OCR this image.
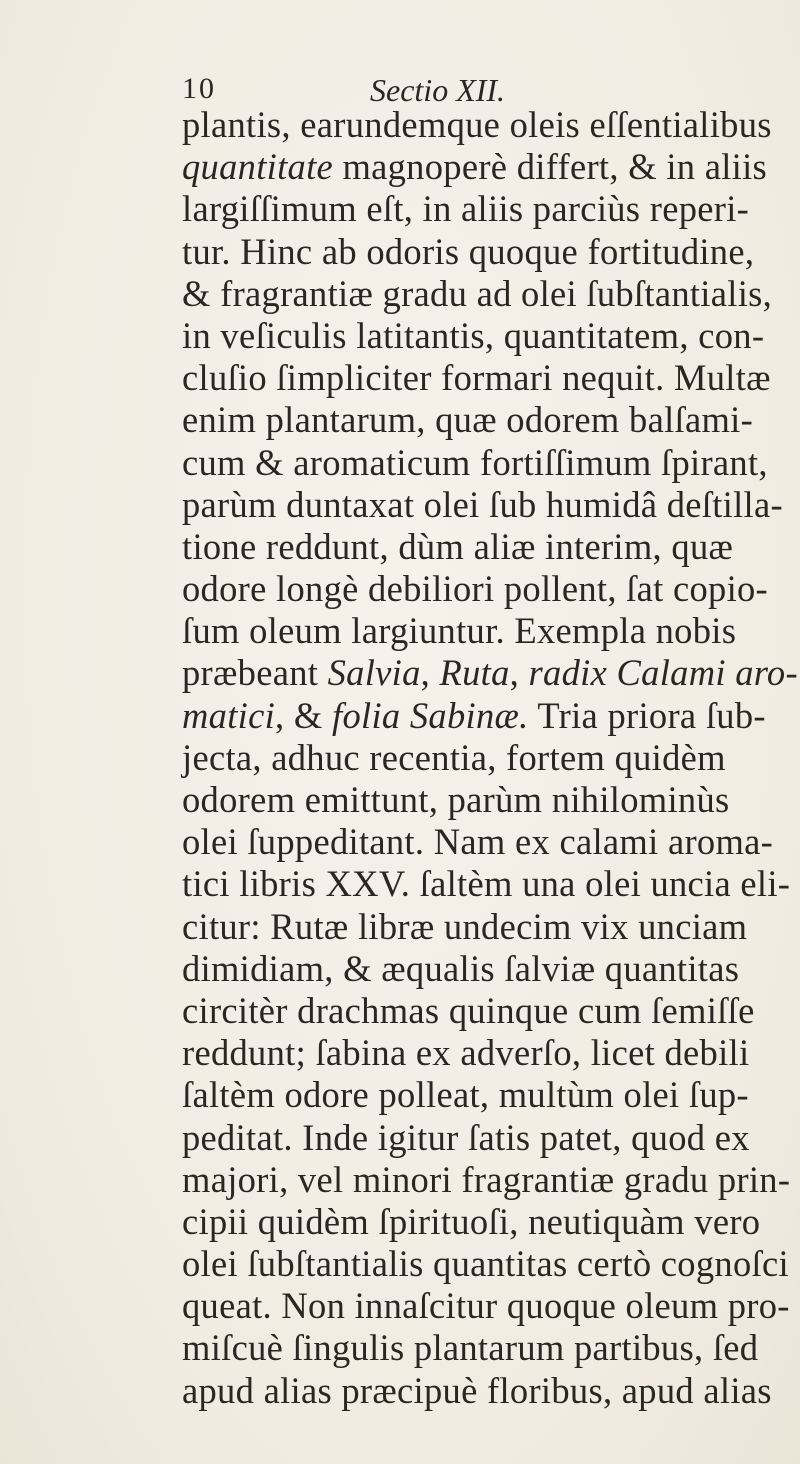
10	Sectio XII.
plantis, earundemque oleis eſſentialibus
quantitate magnoperè differt, & in aliis
largiſſimum eſt, in aliis parciùs reperi-
tur. Hinc ab odoris quoque fortitudine,
& fragrantiæ gradu ad olei ſubſtantialis,
in veſiculis latitantis, quantitatem, con-
cluſio ſimpliciter formari nequit. Multæ
enim plantarum, quæ odorem balſami-
cum & aromaticum fortiſſimum ſpirant,
parùm duntaxat olei ſub humidâ deſtilla-
tione reddunt, dùm aliæ interim, quæ
odore longè debiliori pollent, ſat copio-
ſum oleum largiuntur. Exempla nobis
præbeant Salvia, Ruta, radix Calami aro-
matici, & folia Sabinæ. Tria priora ſub-
jecta, adhuc recentia, fortem quidèm
odorem emittunt, parùm nihilominùs
olei ſuppeditant. Nam ex calami aroma-
tici libris XXV. ſaltèm una olei uncia eli-
citur: Rutæ libræ undecim vix unciam
dimidiam, & æqualis ſalviæ quantitas
circitèr drachmas quinque cum ſemiſſe
reddunt; ſabina ex adverſo, licet debili
ſaltèm odore polleat, multùm olei ſup-
peditat. Inde igitur ſatis patet, quod ex
majori, vel minori fragrantiæ gradu prin-
cipii quidèm ſpirituoſi, neutiquàm vero
olei ſubſtantialis quantitas certò cognoſci
queat. Non innaſcitur quoque oleum pro-
miſcuè ſingulis plantarum partibus, ſed
apud alias præcipuè floribus, apud alias
